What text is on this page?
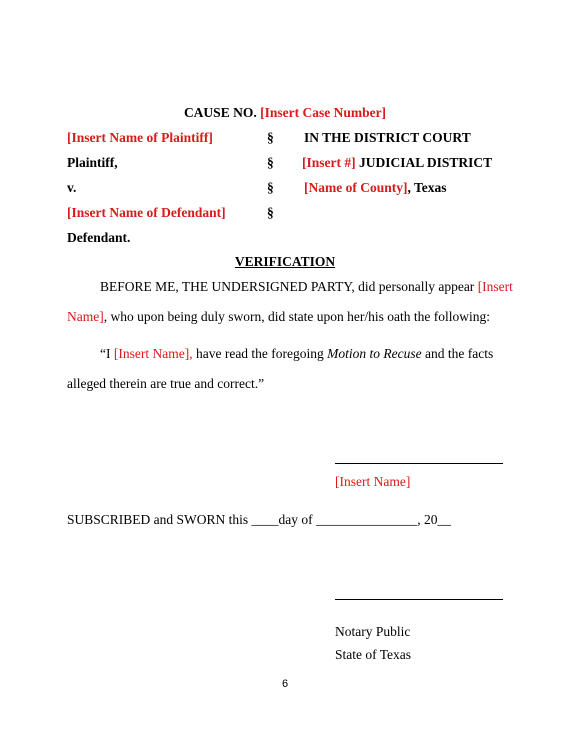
CAUSE NO. [Insert Case Number]
[Insert Name of Plaintiff]
Plaintiff,
v.
[Insert Name of Defendant]
Defendant.
§
§
§
§
IN THE DISTRICT COURT
[Insert #] JUDICIAL DISTRICT
[Name of County], Texas
VERIFICATION
BEFORE ME, THE UNDERSIGNED PARTY, did personally appear [Insert
Name], who upon being duly sworn, did state upon her/his oath the following:
“I [Insert Name], have read the foregoing Motion to Recuse and the facts
alleged therein are true and correct.”
[Insert Name]
SUBSCRIBED and SWORN this ____day of _______________, 20__
Notary Public
State of Texas
6
